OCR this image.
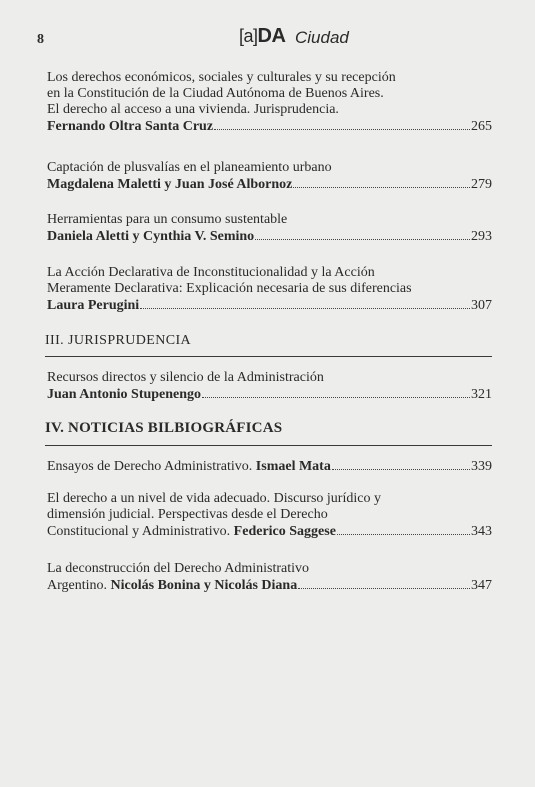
8	[a]DA Ciudad
Los derechos económicos, sociales y culturales y su recepción
en la Constitución de la Ciudad Autónoma de Buenos Aires.
El derecho al acceso a una vivienda. Jurisprudencia.
Fernando Oltra Santa Cruz	265
Captación de plusvalías en el planeamiento urbano
Magdalena Maletti y Juan José Albornoz	279
Herramientas para un consumo sustentable
Daniela Aletti y Cynthia V. Semino	293
La Acción Declarativa de Inconstitucionalidad y la Acción
Meramente Declarativa: Explicación necesaria de sus diferencias
Laura Perugini	307
III. JURISPRUDENCIA
Recursos directos y silencio de la Administración
Juan Antonio Stupenengo	321
IV. NOTICIAS BILBIOGRÁFICAS
Ensayos de Derecho Administrativo.
Ismael Mata	339
El derecho a un nivel de vida adecuado. Discurso jurídico y
dimensión judicial. Perspectivas desde el Derecho
Constitucional y Administrativo.
Federico Saggese	343
La deconstrucción del Derecho Administrativo
Argentino.
Nicolás Bonina y Nicolás Diana	347
